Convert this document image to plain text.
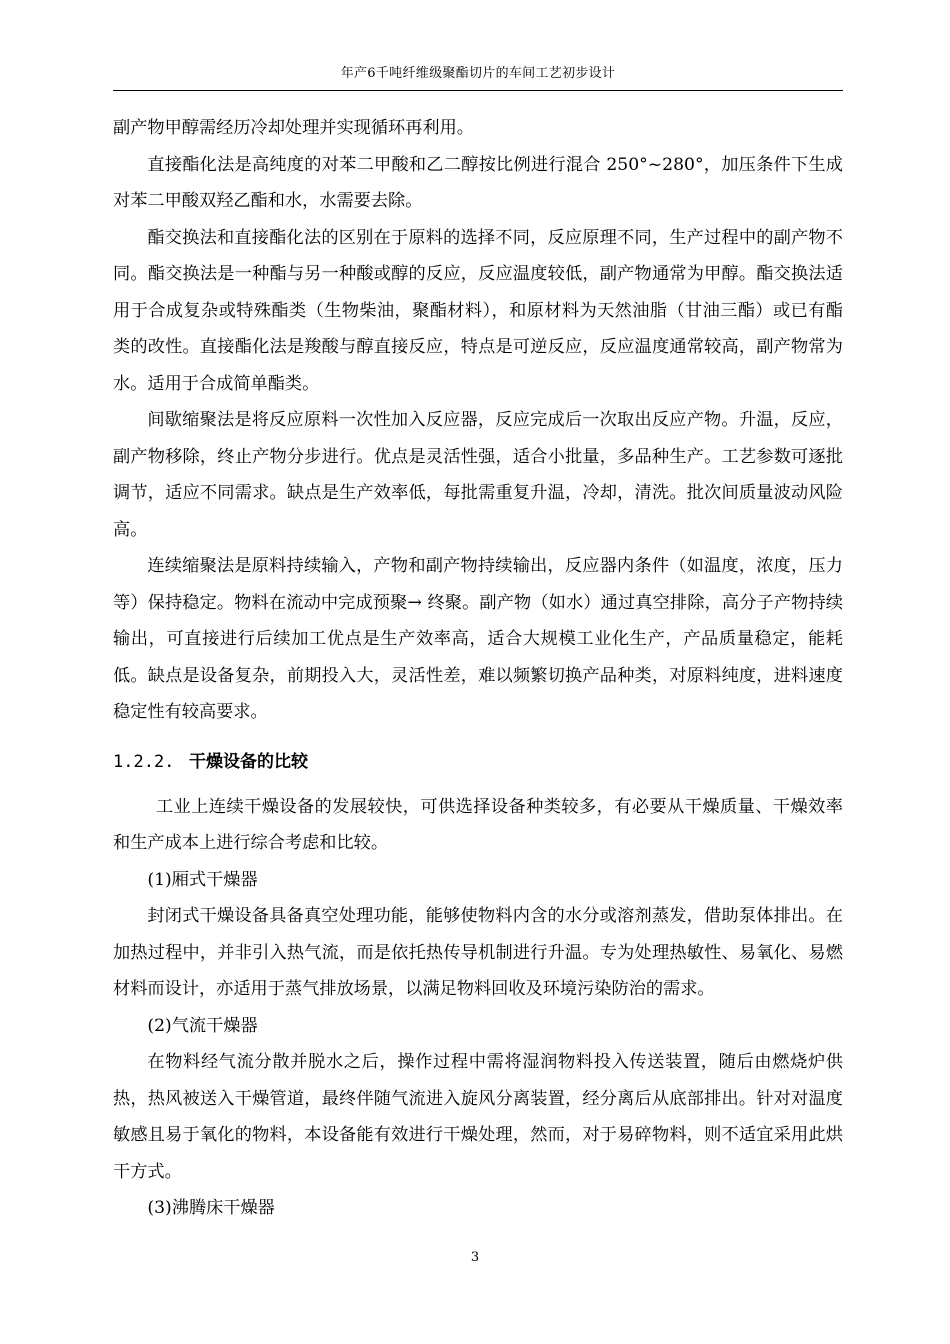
年产6千吨纤维级聚酯切片的车间工艺初步设计

副产物甲醇需经历冷却处理并实现循环再利用。

直接酯化法是高纯度的对苯二甲酸和乙二醇按比例进行混合 250°~280°，加压条件下生成对苯二甲酸双羟乙酯和水，水需要去除。

酯交换法和直接酯化法的区别在于原料的选择不同，反应原理不同，生产过程中的副产物不同。酯交换法是一种酯与另一种酸或醇的反应，反应温度较低，副产物通常为甲醇。酯交换法适用于合成复杂或特殊酯类（生物柴油，聚酯材料），和原材料为天然油脂（甘油三酯）或已有酯类的改性。直接酯化法是羧酸与醇直接反应，特点是可逆反应，反应温度通常较高，副产物常为水。适用于合成简单酯类。

间歇缩聚法是将反应原料一次性加入反应器，反应完成后一次取出反应产物。升温，反应，副产物移除，终止产物分步进行。优点是灵活性强，适合小批量，多品种生产。工艺参数可逐批调节，适应不同需求。缺点是生产效率低，每批需重复升温，冷却，清洗。批次间质量波动风险高。

连续缩聚法是原料持续输入，产物和副产物持续输出，反应器内条件（如温度，浓度，压力等）保持稳定。物料在流动中完成预聚→ 终聚。副产物（如水）通过真空排除，高分子产物持续输出，可直接进行后续加工优点是生产效率高，适合大规模工业化生产，产品质量稳定，能耗低。缺点是设备复杂，前期投入大，灵活性差，难以频繁切换产品种类，对原料纯度，进料速度稳定性有较高要求。

1.2.2. 干燥设备的比较

工业上连续干燥设备的发展较快，可供选择设备种类较多，有必要从干燥质量、干燥效率和生产成本上进行综合考虑和比较。

(1)厢式干燥器

封闭式干燥设备具备真空处理功能，能够使物料内含的水分或溶剂蒸发，借助泵体排出。在加热过程中，并非引入热气流，而是依托热传导机制进行升温。专为处理热敏性、易氧化、易燃材料而设计，亦适用于蒸气排放场景，以满足物料回收及环境污染防治的需求。

(2)气流干燥器

在物料经气流分散并脱水之后，操作过程中需将湿润物料投入传送装置，随后由燃烧炉供热，热风被送入干燥管道，最终伴随气流进入旋风分离装置，经分离后从底部排出。针对对温度敏感且易于氧化的物料，本设备能有效进行干燥处理，然而，对于易碎物料，则不适宜采用此烘干方式。

(3)沸腾床干燥器

3
